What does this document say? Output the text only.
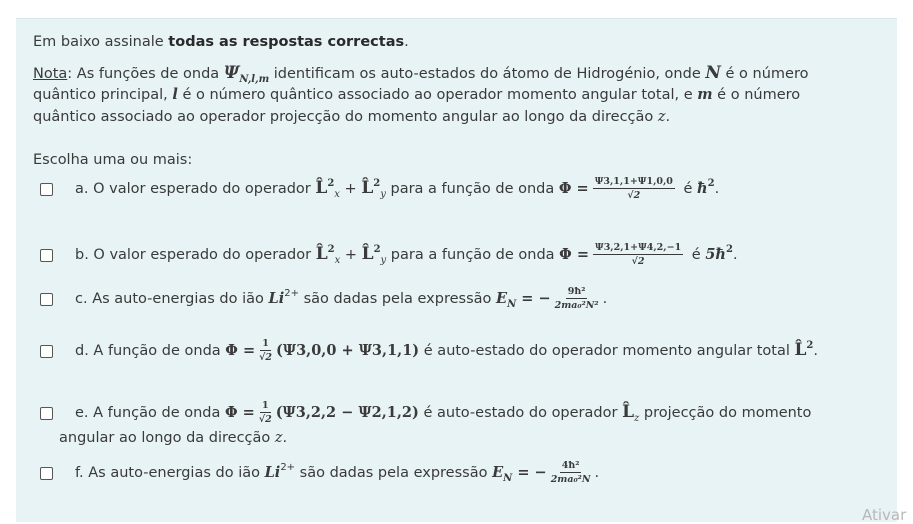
Em baixo assinale todas as respostas correctas.
Nota: As funções de onda $\Psi_{N,l,m}$ identificam os auto-estados do átomo de Hidrogénio, onde N é o número
quântico principal, l é o número quântico associado ao operador momento angular total, e m é o número
quântico associado ao operador projecção do momento angular ao longo da direcção z.
Escolha uma ou mais:
a. O valor esperado do operador L̂$^2_x$ + L̂$^2_y$ para a função de onda $\Phi = \frac{\Psi 3,1,1+\Psi 1,0,0}{√2}$ é $ħ^2$.
b. O valor esperado do operador L̂$^2_x$ + L̂$^2_y$ para a função de onda $\Phi = \frac{\Psi 3,2,1+\Psi 4,2,-1}{√2}$ é $5ħ^2$.
c. As auto-energias do ião $Li^{2+}$ são dadas pela expressão $E_N$ = − $\frac{\text{9ħ²}}{\text{2ma₀²N²}}$ .
d. A função de onda $\Phi = \frac{1}{√2} (\Psi 3,0,0 + \Psi 3,1,1)$ é auto-estado do operador momento angular total L̂$^2$.
e. A função de onda $\Phi = \frac{1}{√2} (\Psi 3,2,2 - \Psi 2,1,2)$ é auto-estado do operador $L̂_z$ projecção do momento
angular ao longo da direcção z.
f. As auto-energias do ião $Li^{2+}$ são dadas pela expressão $E_N$ = − $\frac{\text{4ħ²}}{\text{2ma₀²N}}$ .
Ativar
